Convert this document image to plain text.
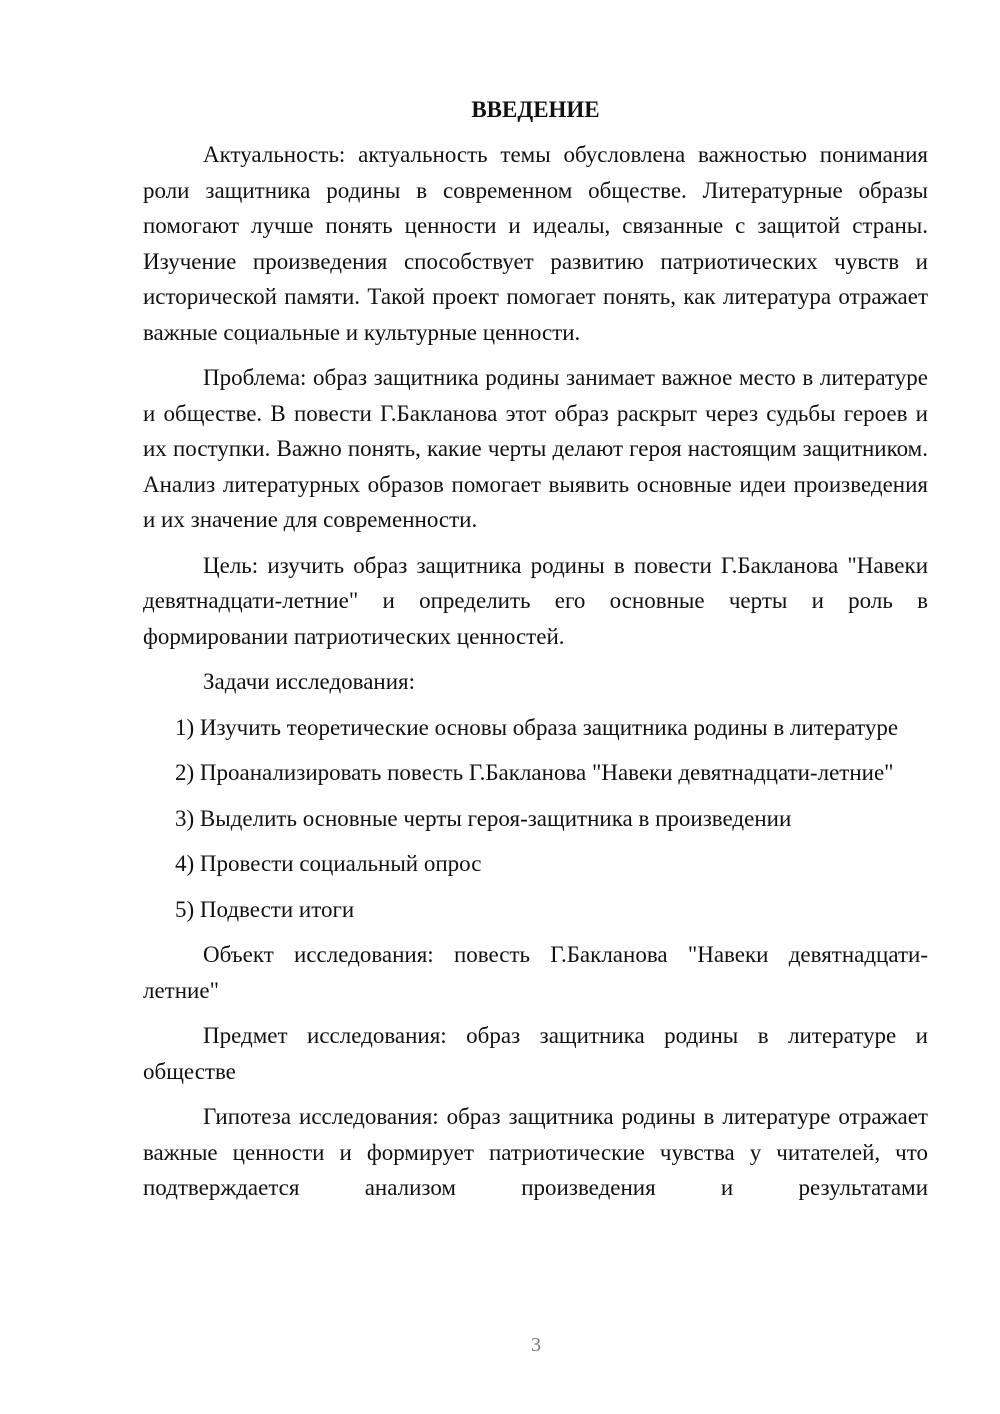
ВВЕДЕНИЕ

Актуальность: актуальность темы обусловлена важностью понимания роли защитника родины в современном обществе. Литературные образы помогают лучше понять ценности и идеалы, связанные с защитой страны. Изучение произведения способствует развитию патриотических чувств и исторической памяти. Такой проект помогает понять, как литература отражает важные социальные и культурные ценности.

Проблема: образ защитника родины занимает важное место в литературе и обществе. В повести Г.Бакланова этот образ раскрыт через судьбы героев и их поступки. Важно понять, какие черты делают героя настоящим защитником. Анализ литературных образов помогает выявить основные идеи произведения и их значение для современности.

Цель: изучить образ защитника родины в повести Г.Бакланова "Навеки девятнадцати-летние" и определить его основные черты и роль в формировании патриотических ценностей.

Задачи исследования:

1) Изучить теоретические основы образа защитника родины в литературе

2) Проанализировать повесть Г.Бакланова "Навеки девятнадцати-летние"

3) Выделить основные черты героя-защитника в произведении

4) Провести социальный опрос

5) Подвести итоги

Объект исследования: повесть Г.Бакланова "Навеки девятнадцати-летние"

Предмет исследования: образ защитника родины в литературе и обществе

Гипотеза исследования: образ защитника родины в литературе отражает важные ценности и формирует патриотические чувства у читателей, что подтверждается анализом произведения и результатами

3
